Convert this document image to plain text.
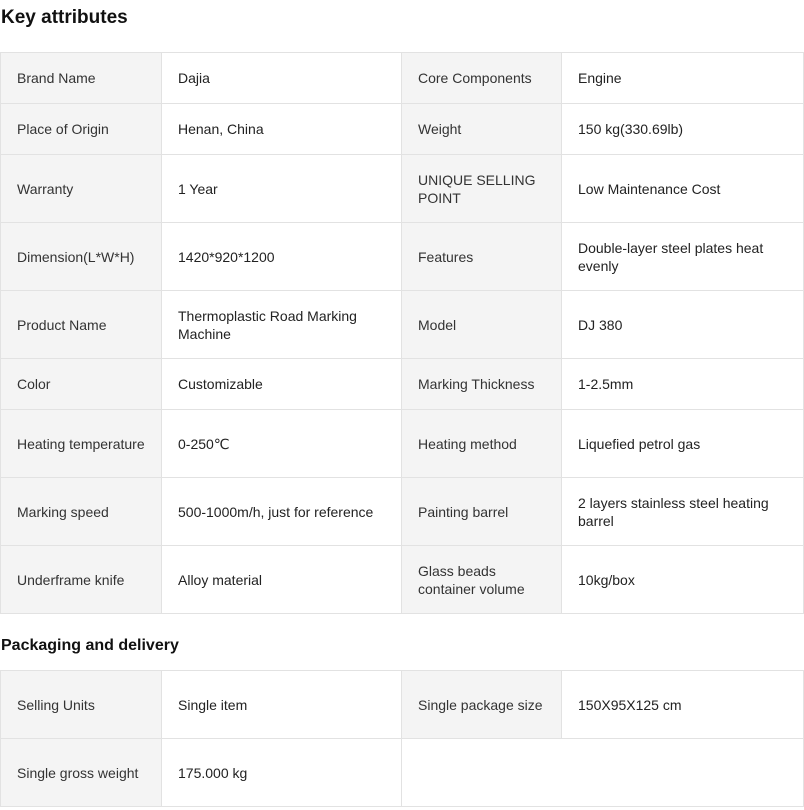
Key attributes
Brand Name	Dajia	Core Components	Engine
Place of Origin	Henan, China	Weight	150 kg(330.69lb)
Warranty	1 Year	UNIQUE SELLING POINT	Low Maintenance Cost
Dimension(L*W*H)	1420*920*1200	Features	Double-layer steel plates heat evenly
Product Name	Thermoplastic Road Marking Machine	Model	DJ 380
Color	Customizable	Marking Thickness	1-2.5mm
Heating temperature	0-250℃	Heating method	Liquefied petrol gas
Marking speed	500-1000m/h, just for reference	Painting barrel	2 layers stainless steel heating barrel
Underframe knife	Alloy material	Glass beads container volume	10kg/box
Packaging and delivery
Selling Units	Single item	Single package size	150X95X125 cm
Single gross weight	175.000 kg		
